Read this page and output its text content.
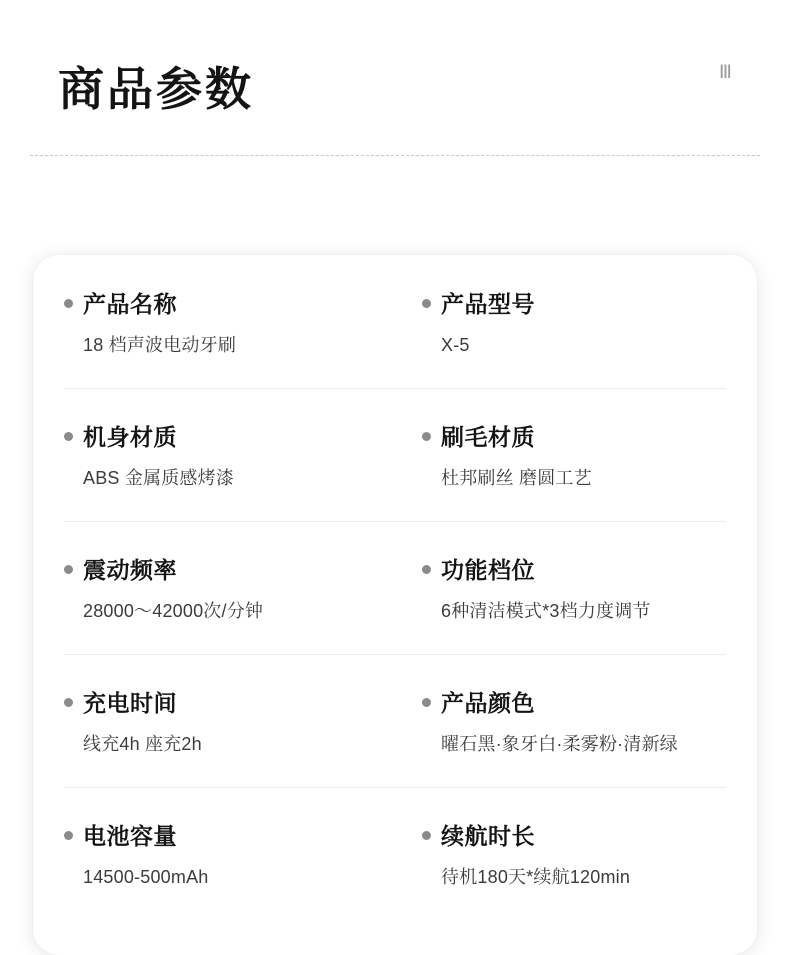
商品参数	Ⅲ
产品名称
18 档声波电动牙刷
产品型号
X-5
机身材质
ABS 金属质感烤漆
刷毛材质
杜邦刷丝 磨圆工艺
震动频率
28000～42000次/分钟
功能档位
6种清洁模式*3档力度调节
充电时间
线充4h 座充2h
产品颜色
曜石黑·象牙白·柔雾粉·清新绿
电池容量
14500-500mAh
续航时长
待机180天*续航120min
